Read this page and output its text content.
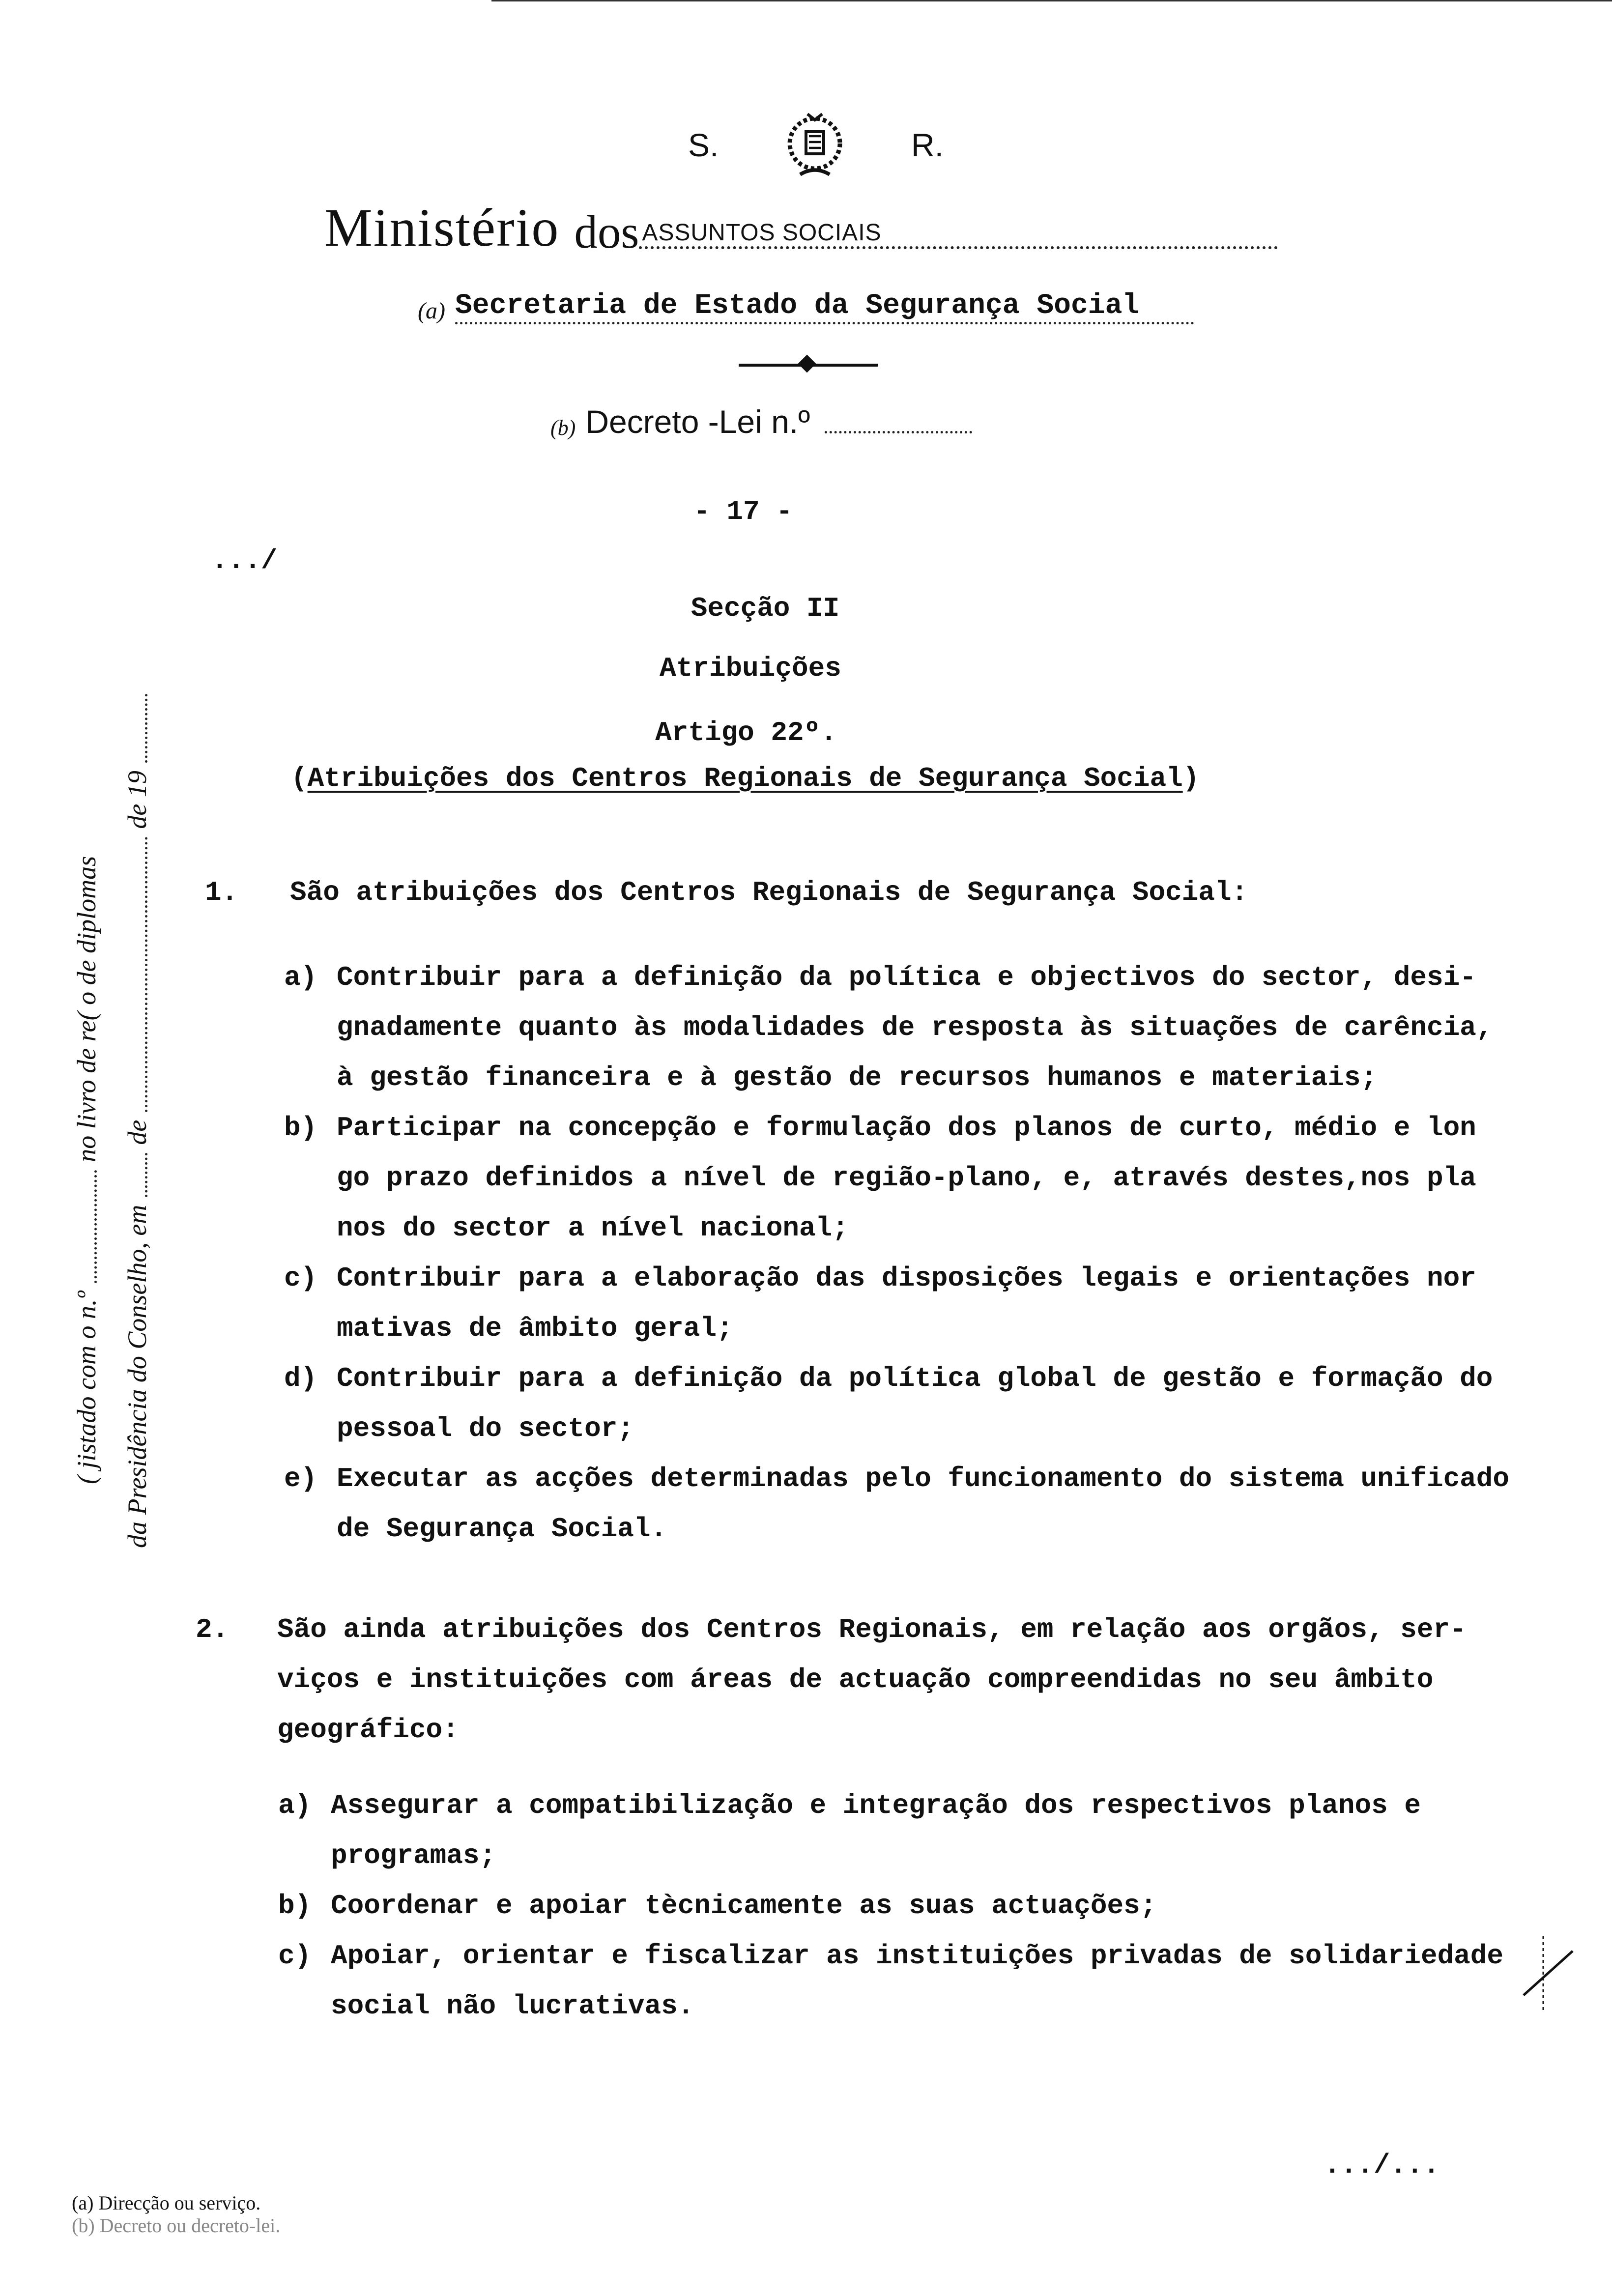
S.	R.
Ministério dos ASSUNTOS SOCIAIS
(a) Secretaria de Estado da Segurança Social
(b) Decreto -Lei n.º
- 17 -
.../
( jistado com o n.º
no livro de re( o de diplomas
da Presidência do Conselho, em
de
de 19
Secção II
Atribuições
Artigo 22º.
(Atribuições dos Centros Regionais de Segurança Social)
1. São atribuições dos Centros Regionais de Segurança Social:
a) Contribuir para a definição da política e objectivos do sector, desi-
gnadamente quanto às modalidades de resposta às situações de carência,
à gestão financeira e à gestão de recursos humanos e materiais;
b) Participar na concepção e formulação dos planos de curto, médio e lon
go prazo definidos a nível de região-plano, e, através destes,nos pla
nos do sector a nível nacional;
c) Contribuir para a elaboração das disposições legais e orientações nor
mativas de âmbito geral;
d) Contribuir para a definição da política global de gestão e formação do
pessoal do sector;
e) Executar as acções determinadas pelo funcionamento do sistema unificado
de Segurança Social.
2. São ainda atribuições dos Centros Regionais, em relação aos orgãos, ser-
viços e instituições com áreas de actuação compreendidas no seu âmbito
geográfico:
a) Assegurar a compatibilização e integração dos respectivos planos e
programas;
b) Coordenar e apoiar tècnicamente as suas actuações;
c) Apoiar, orientar e fiscalizar as instituições privadas de solidariedade
social não lucrativas.
.../...
(a) Direcção ou serviço.
(b) Decreto ou decreto-lei.
